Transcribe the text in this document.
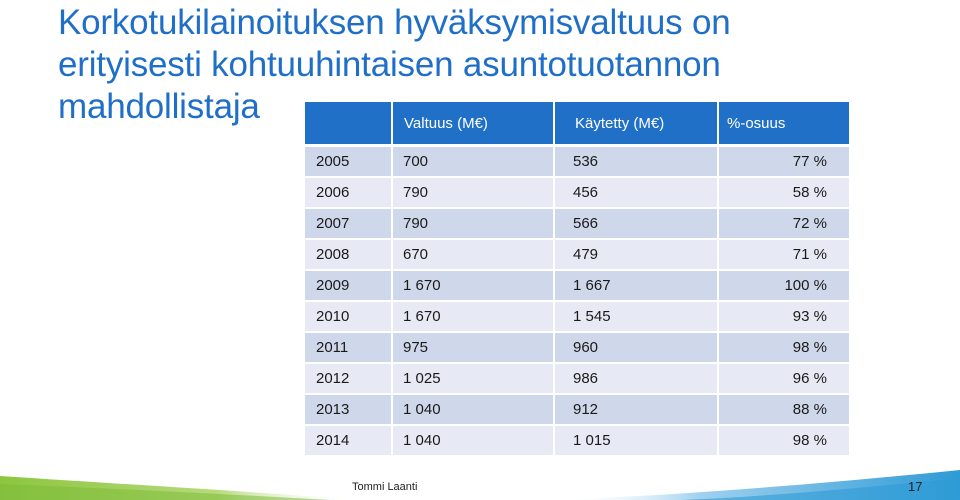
Korkotukilainoituksen hyväksymisvaltuus on
erityisesti kohtuuhintaisen asuntotuotannon
mahdollistaja

	Valtuus (M€)	Käytetty (M€)	%-osuus

2005	700	536	77 %

2006	790	456	58 %

2007	790	566	72 %

2008	670	479	71 %

2009	1 670	1 667	100 %

2010	1 670	1 545	93 %

2011	975	960	98 %

2012	1 025	986	96 %

2013	1 040	912	88 %

2014	1 040	1 015	98 %
Tommi Laanti	17
